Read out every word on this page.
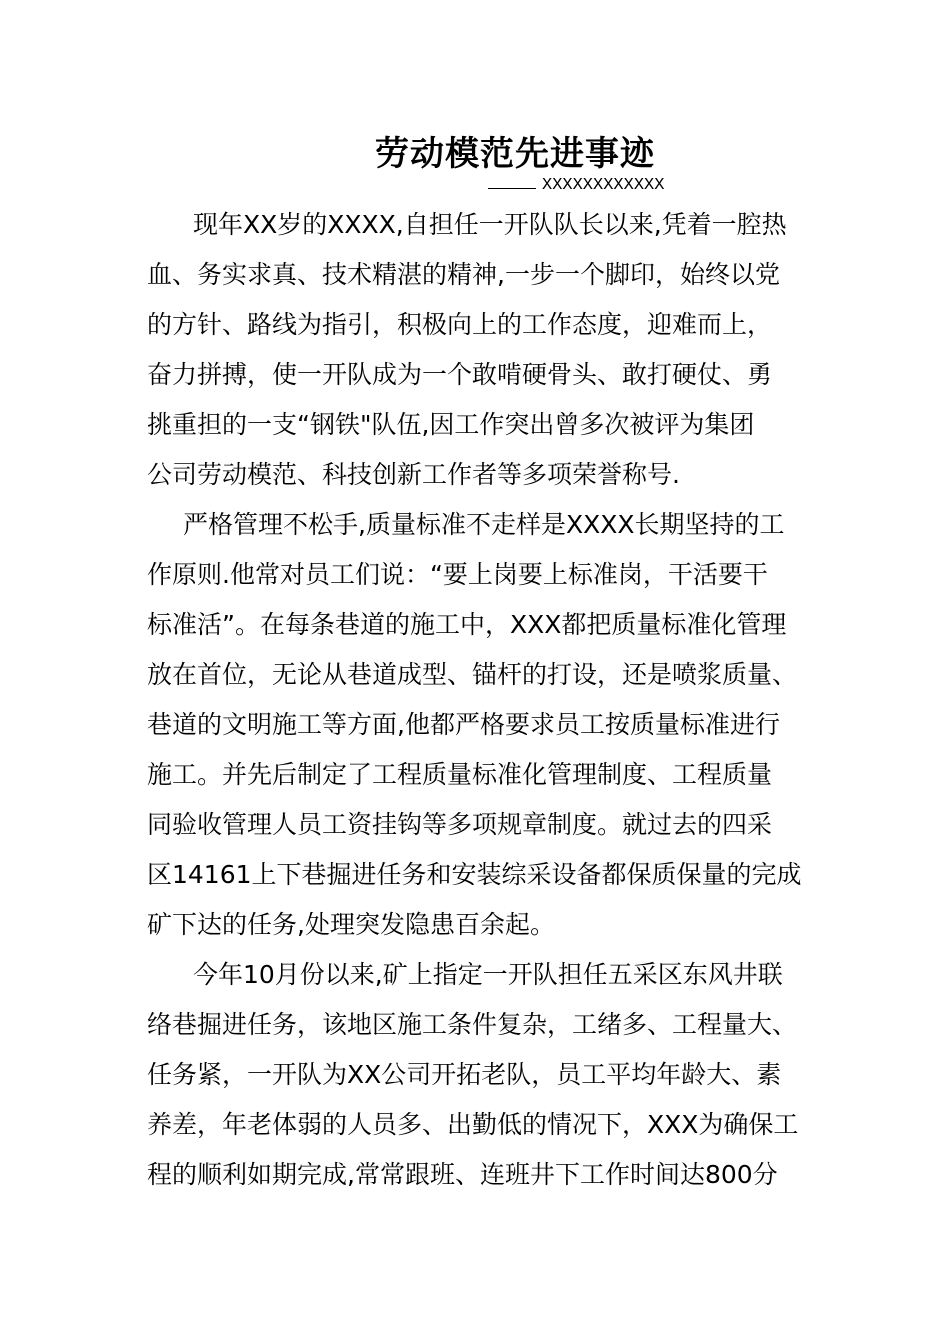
劳动模范先进事迹
XXXXXXXXXXXX
现年XX岁的XXXX,自担任一开队队长以来,凭着一腔热
血、务实求真、技术精湛的精神,一步一个脚印，始终以党
的方针、路线为指引，积极向上的工作态度，迎难而上，
奋力拼搏，使一开队成为一个敢啃硬骨头、敢打硬仗、勇
挑重担的一支“钢铁"队伍,因工作突出曾多次被评为集团
公司劳动模范、科技创新工作者等多项荣誉称号.
严格管理不松手,质量标准不走样是XXXX长期坚持的工
作原则.他常对员工们说：“要上岗要上标准岗，干活要干
标准活”。在每条巷道的施工中，XXX都把质量标准化管理
放在首位，无论从巷道成型、锚杆的打设，还是喷浆质量、
巷道的文明施工等方面,他都严格要求员工按质量标准进行
施工。并先后制定了工程质量标准化管理制度、工程质量
同验收管理人员工资挂钩等多项规章制度。就过去的四采
区14161上下巷掘进任务和安装综采设备都保质保量的完成
矿下达的任务,处理突发隐患百余起。
今年10月份以来,矿上指定一开队担任五采区东风井联
络巷掘进任务，该地区施工条件复杂，工绪多、工程量大、
任务紧，一开队为XX公司开拓老队，员工平均年龄大、素
养差，年老体弱的人员多、出勤低的情况下，XXX为确保工
程的顺利如期完成,常常跟班、连班井下工作时间达800分
